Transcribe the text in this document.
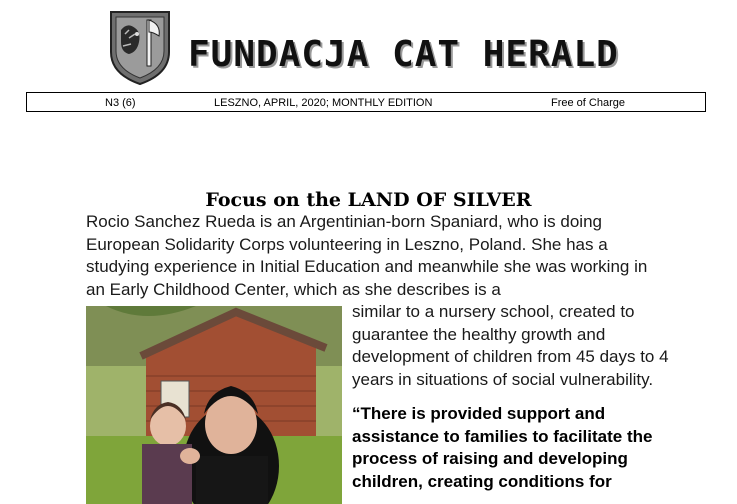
FUNDACJA CAT HERALD
N3 (6)	LESZNO, APRIL, 2020; MONTHLY EDITION	Free of Charge
Focus on the LAND OF SILVER

Rocio Sanchez Rueda is an Argentinian-born Spaniard, who is doing European Solidarity Corps volunteering in Leszno, Poland. She has a studying experience in Initial Education and meanwhile she was working in an Early Childhood Center, which as she describes is a

similar to a nursery school, created to guarantee the healthy growth and development of children from 45 days to 4 years in situations of social vulnerability.

“There is provided support and assistance to families to facilitate the process of raising and developing children, creating conditions for
